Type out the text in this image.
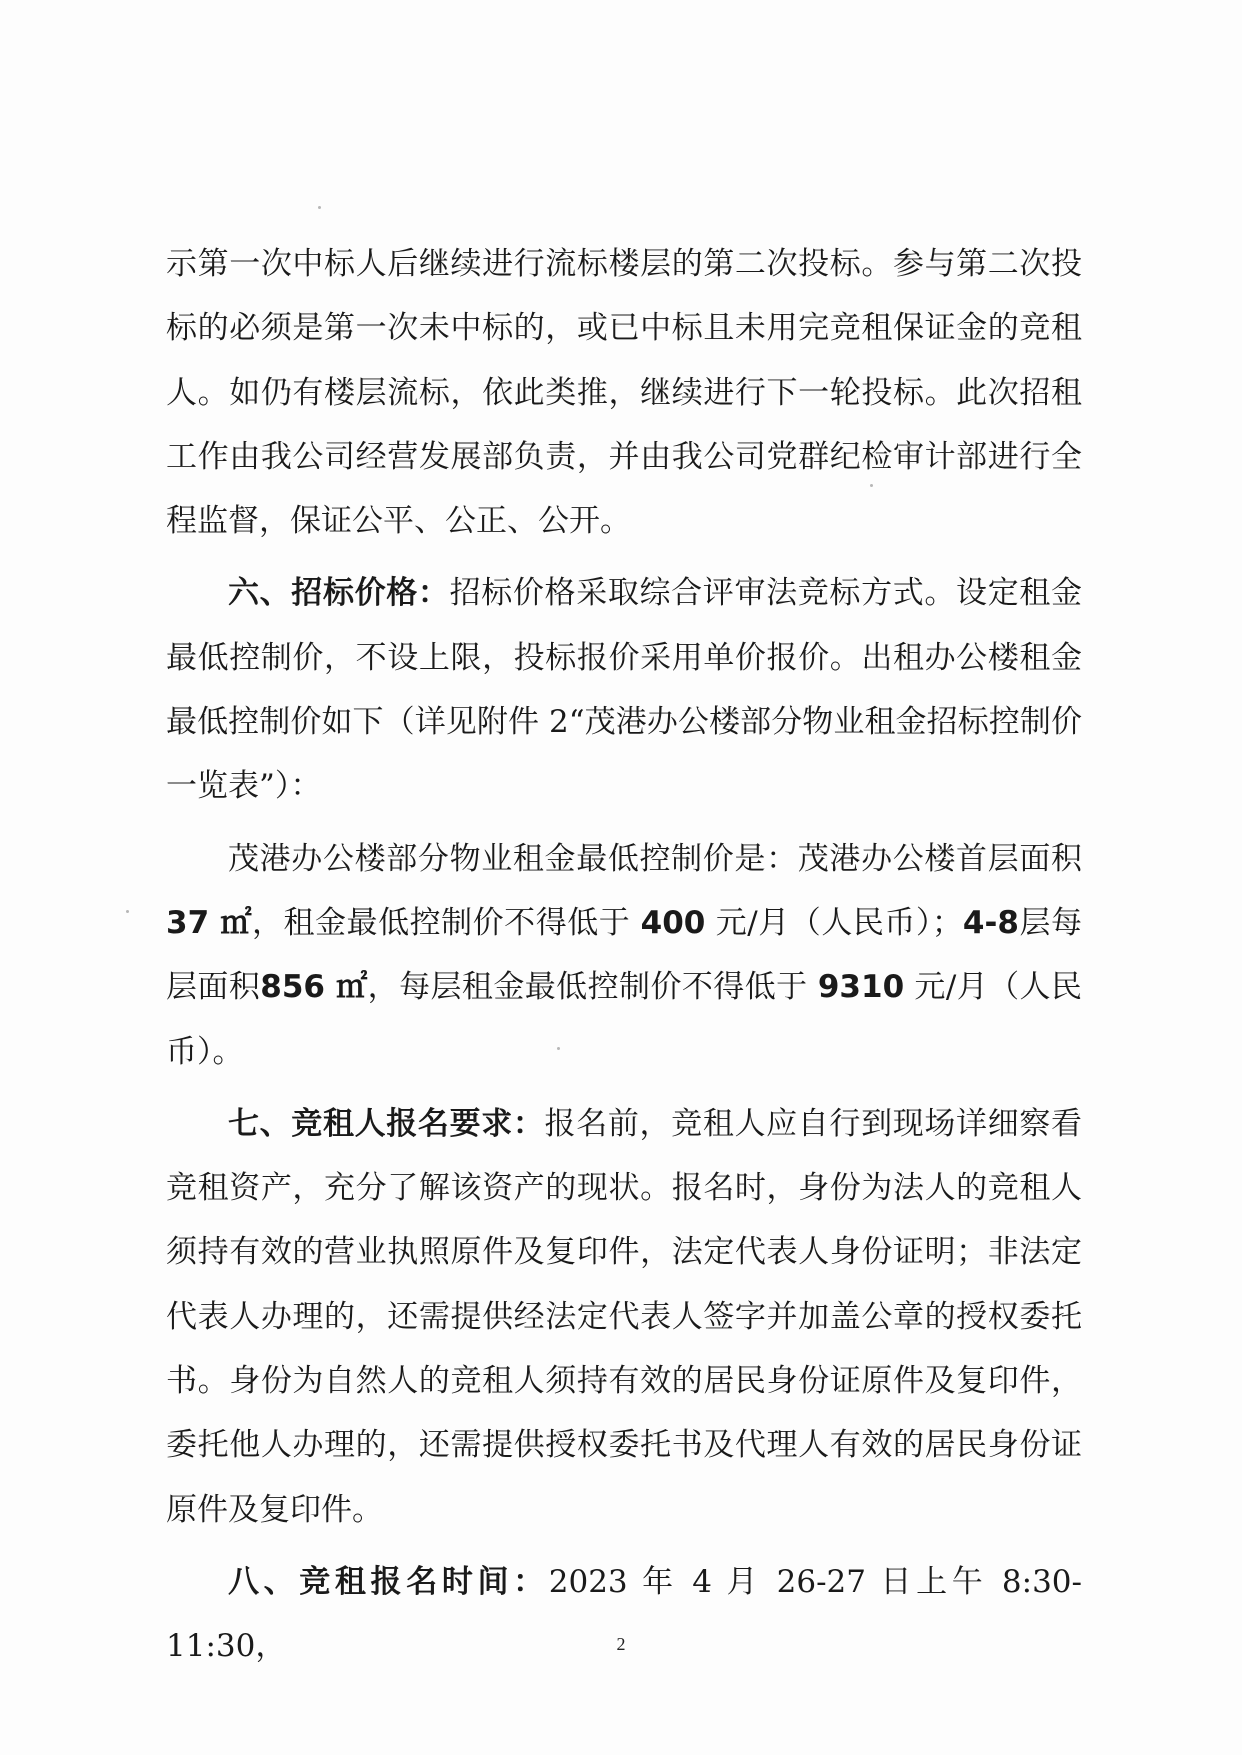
示第一次中标人后继续进行流标楼层的第二次投标。参与第二次投标的必须是第一次未中标的，或已中标且未用完竞租保证金的竞租人。如仍有楼层流标，依此类推，继续进行下一轮投标。此次招租工作由我公司经营发展部负责，并由我公司党群纪检审计部进行全程监督，保证公平、公正、公开。

六、招标价格：招标价格采取综合评审法竞标方式。设定租金最低控制价，不设上限，投标报价采用单价报价。出租办公楼租金最低控制价如下（详见附件 2“茂港办公楼部分物业租金招标控制价一览表”）：

茂港办公楼部分物业租金最低控制价是：茂港办公楼首层面积 37 ㎡，租金最低控制价不得低于 400 元/月（人民币）；4-8层每层面积856 ㎡，每层租金最低控制价不得低于 9310 元/月（人民币）。

七、竞租人报名要求：报名前，竞租人应自行到现场详细察看竞租资产，充分了解该资产的现状。报名时，身份为法人的竞租人须持有效的营业执照原件及复印件，法定代表人身份证明；非法定代表人办理的，还需提供经法定代表人签字并加盖公章的授权委托书。身份为自然人的竞租人须持有效的居民身份证原件及复印件，委托他人办理的，还需提供授权委托书及代理人有效的居民身份证原件及复印件。

八、竞租报名时间：2023 年 4 月 26-27 日上午 8:30-11:30，	2
